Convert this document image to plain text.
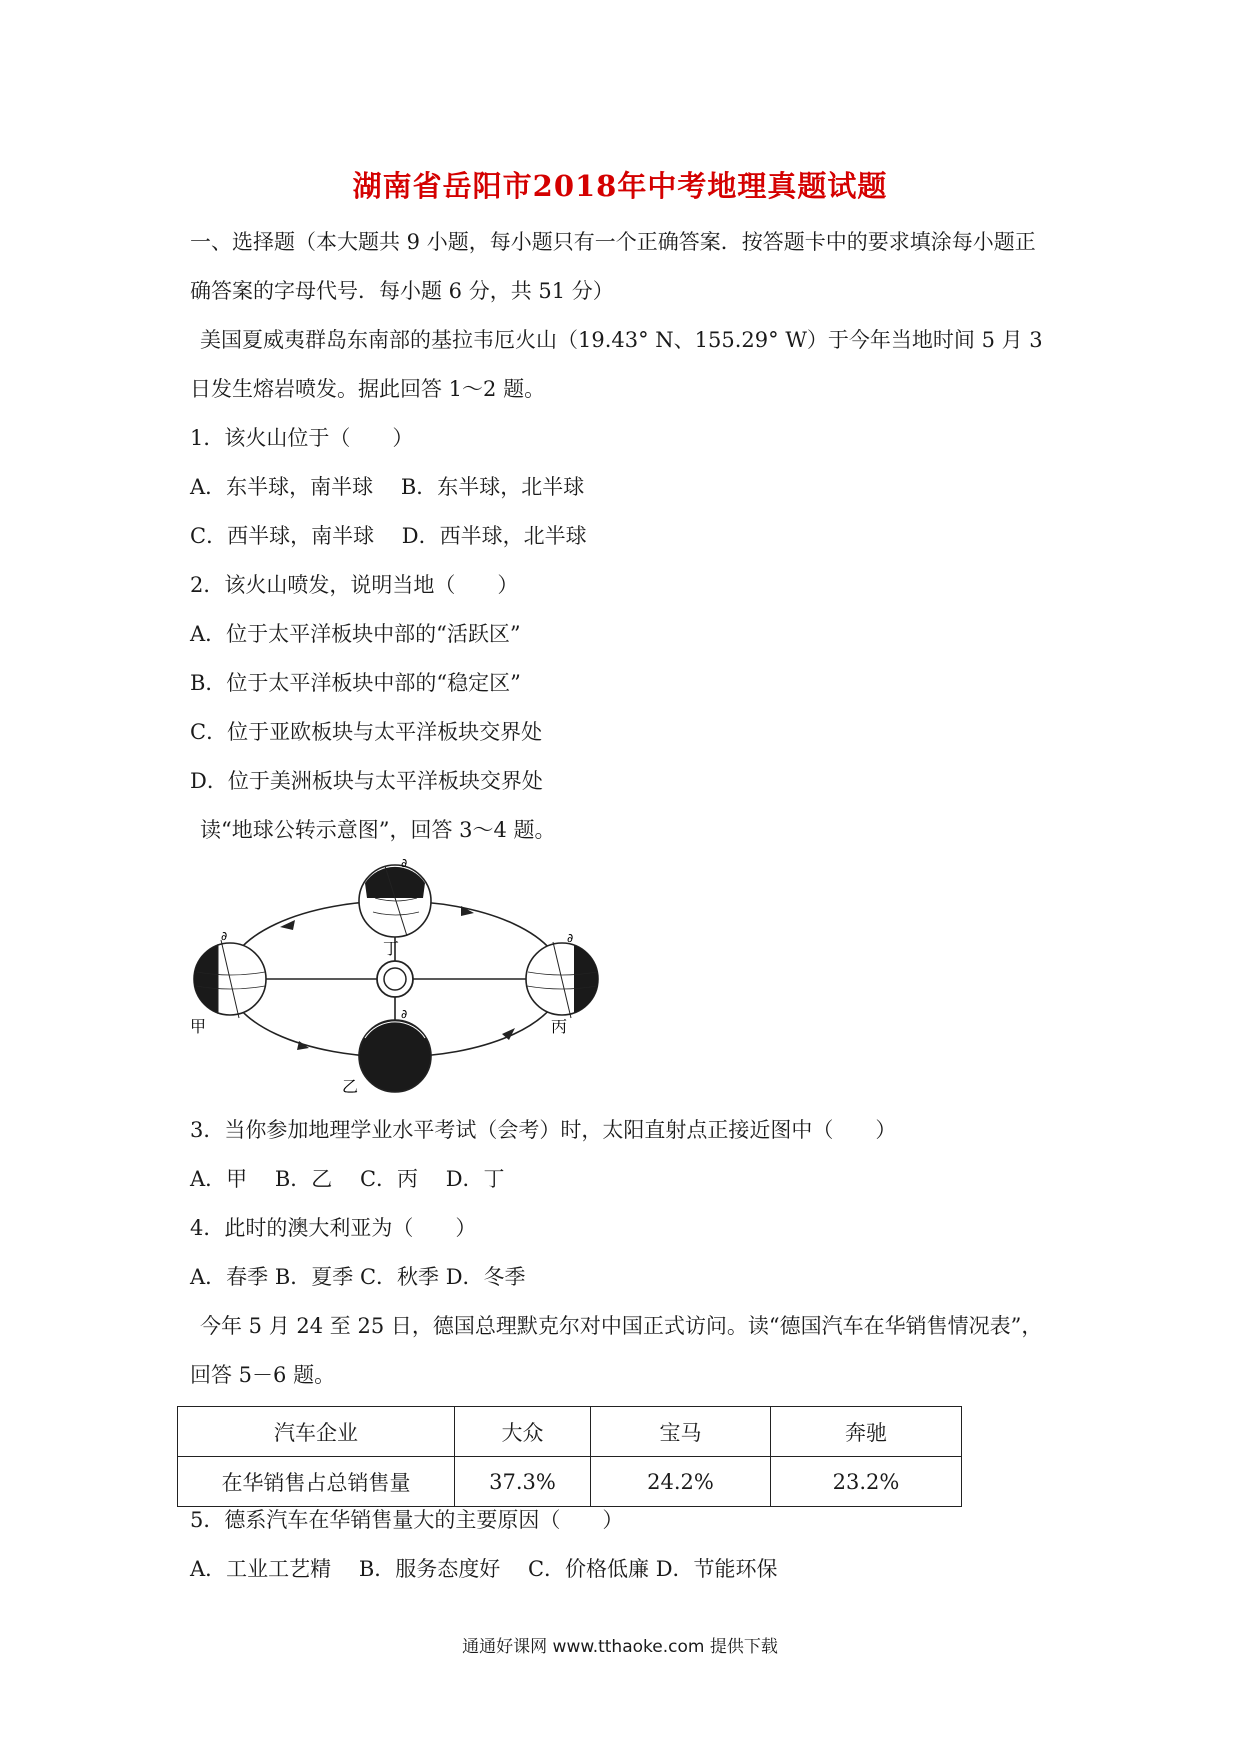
湖南省岳阳市2018年中考地理真题试题
一、选择题（本大题共 9 小题，每小题只有一个正确答案．按答题卡中的要求填涂每小题正
确答案的字母代号．每小题 6 分，共 51 分）
美国夏威夷群岛东南部的基拉韦厄火山（19.43° N、155.29° W）于今年当地时间 5 月 3
日发生熔岩喷发。据此回答 1～2 题。
1．该火山位于（　　）
A．东半球，南半球　 B．东半球，北半球
C．西半球，南半球　 D．西半球，北半球
2．该火山喷发，说明当地（　　）
A．位于太平洋板块中部的“活跃区”
B．位于太平洋板块中部的“稳定区”
C．位于亚欧板块与太平洋板块交界处
D．位于美洲板块与太平洋板块交界处
读“地球公转示意图”，回答 3～4 题。
∂	∂
∂
∂
甲
乙
丙
丁
3．当你参加地理学业水平考试（会考）时，太阳直射点正接近图中（　　）
A．甲　 B．乙　 C．丙　 D．丁
4．此时的澳大利亚为（　　）
A．春季 B．夏季 C．秋季 D．冬季
今年 5 月 24 至 25 日，德国总理默克尔对中国正式访问。读“德国汽车在华销售情况表”，
回答 5－6 题。
汽车企业	大众	宝马	奔驰
在华销售占总销售量	37.3%	24.2%	23.2%
5．德系汽车在华销售量大的主要原因（　　）
A．工业工艺精　 B．服务态度好　 C．价格低廉 D．节能环保
通通好课网 www.tthaoke.com 提供下载
